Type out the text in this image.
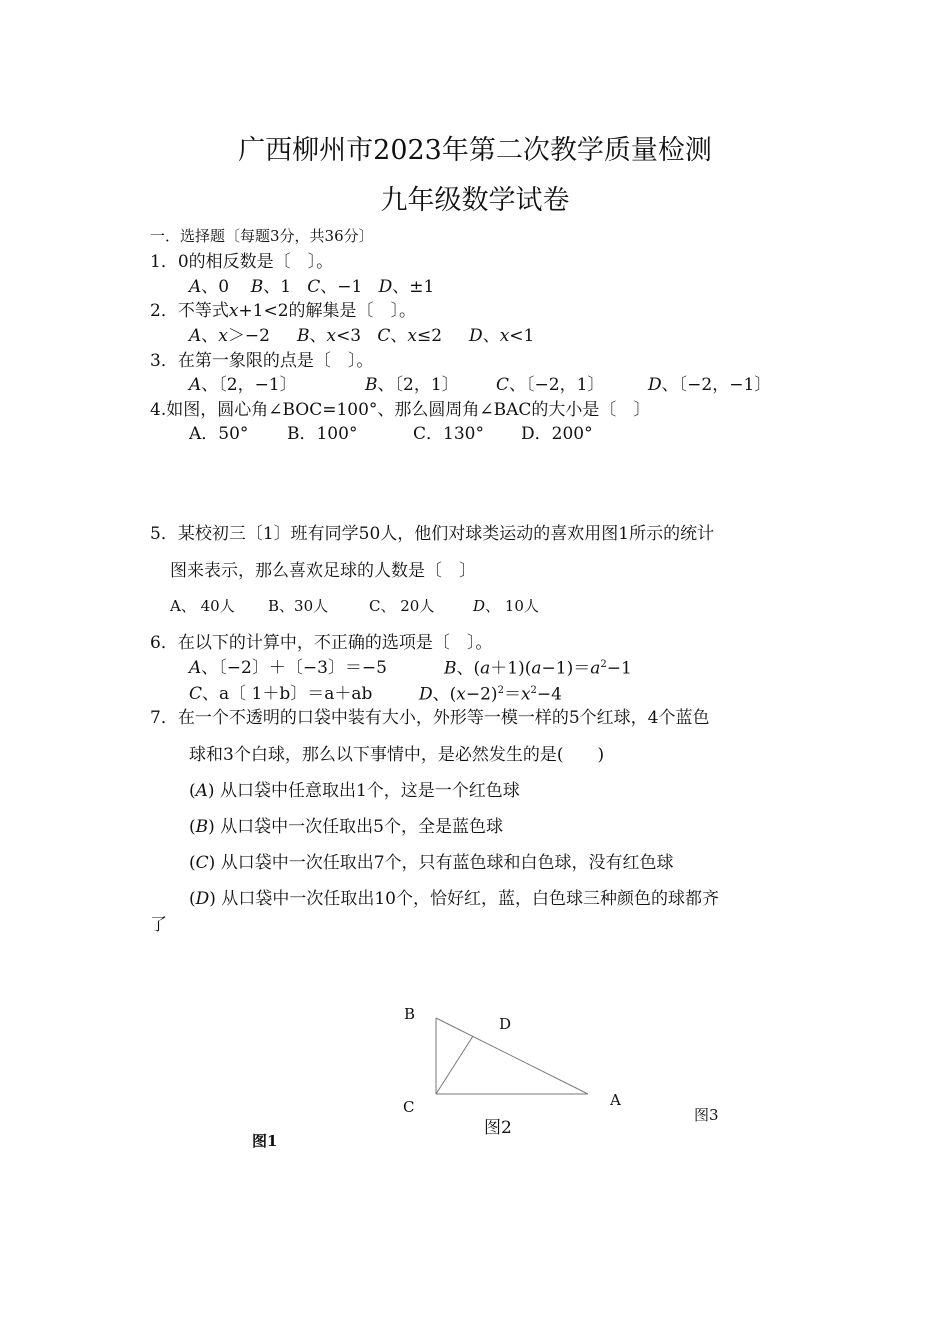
广西柳州市2023年第二次教学质量检测
九年级数学试卷
一．选择题〔每题3分，共36分〕
1．0的相反数是〔　〕。
A、0 B、1 C、−1 D、±1
2．不等式x+1<2的解集是〔　〕。
A、x＞−2 B、x<3 C、x≤2 D、x<1
3．在第一象限的点是〔　〕。
A、〔2，−1〕	B、〔2，1〕 C、〔−2，1〕	D、〔−2，−1〕
4.如图，圆心角∠BOC=100°、那么圆周角∠BAC的大小是〔　〕
A．50° B．100°	C．130° D．200°
5．某校初三〔1〕班有同学50人，他们对球类运动的喜欢用图1所示的统计
图来表示，那么喜欢足球的人数是〔　〕
A、 40人 B、30人	C、 20人	D、 10人
6．在以下的计算中，不正确的选项是〔　〕。
A、〔−2〕＋〔−3〕＝−5	B、$(a+1)(a-1)=a^2-1$
C、a〔 1＋b〕＝a＋ab	D、$(x-2)^2=x^2-4$
7．在一个不透明的口袋中装有大小，外形等一模一样的5个红球，4个蓝色
球和3个白球，那么以下事情中，是必然发生的是(　　)
(A) 从口袋中任意取出1个，这是一个红色球
(B) 从口袋中一次任取出5个，全是蓝色球
(C) 从口袋中一次任取出7个，只有蓝色球和白色球，没有红色球
(D) 从口袋中一次任取出10个，恰好红，蓝，白色球三种颜色的球都齐
了
B
D
C	A
图2
图3
图1
